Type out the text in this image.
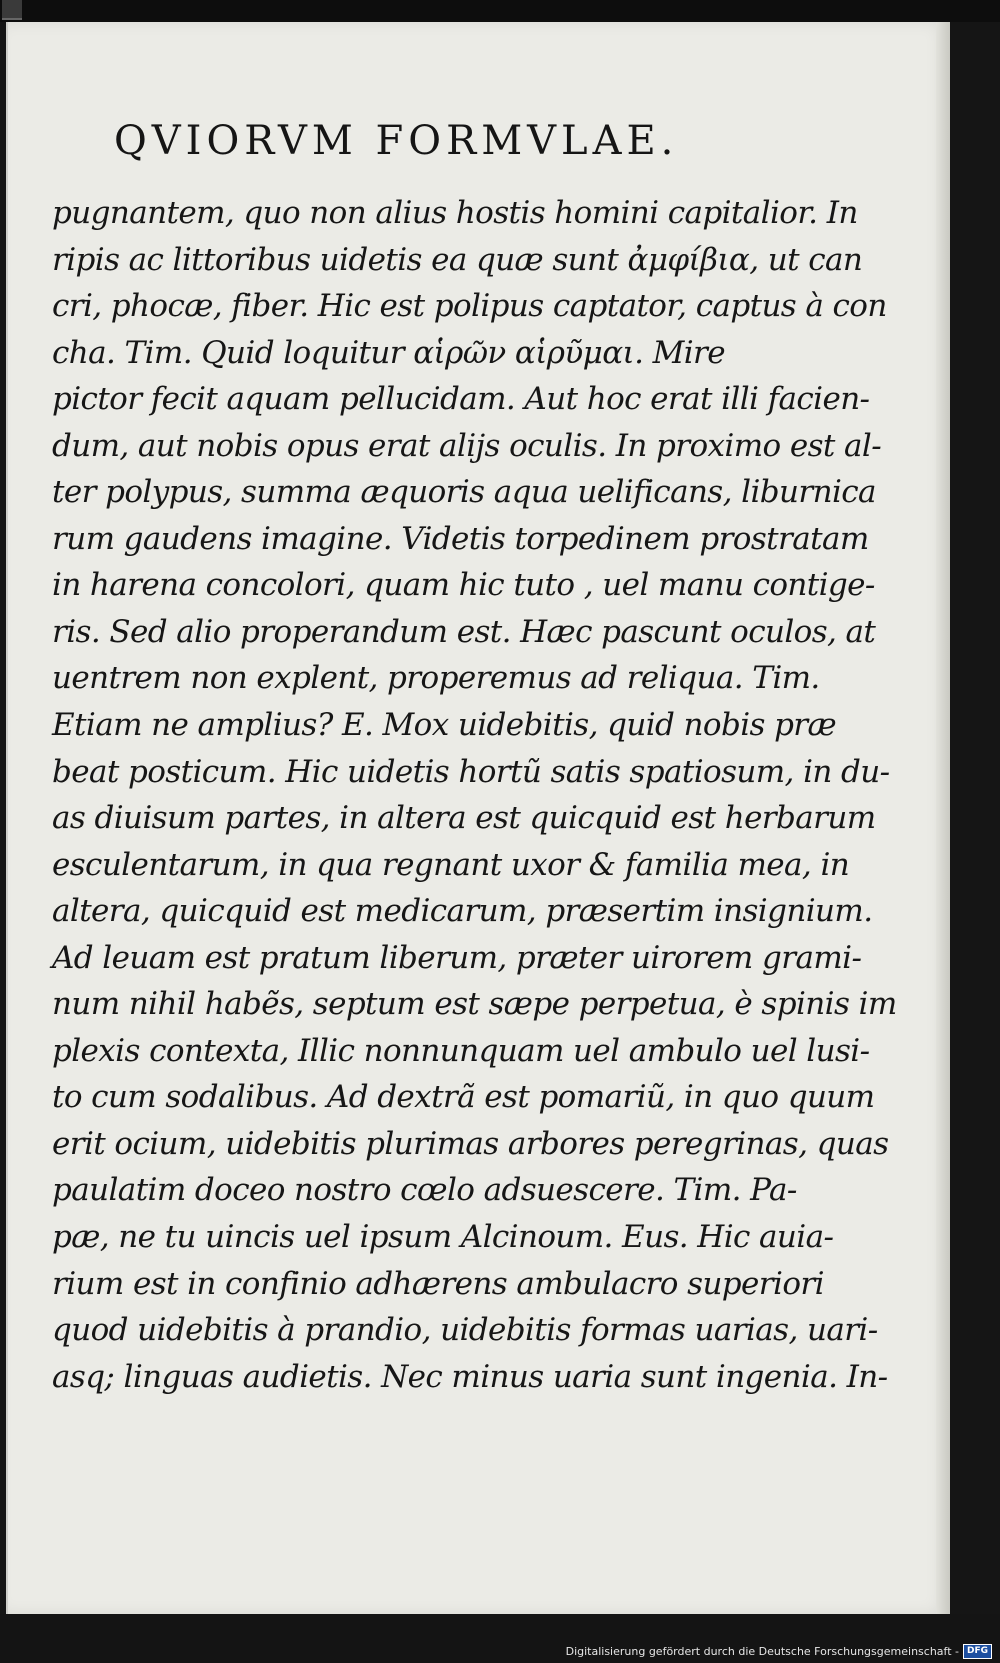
QVIORVM FORMVLAE.
pugnantem, quo non alius hostis homini capitalior. In
ripis ac littoribus uidetis ea quæ sunt ἀμφίβια, ut can
cri, phocæ, fiber. Hic est polipus captator, captus à con
cha. Tim. Quid loquitur αἱρῶν αἱρῦμαι. Mire
pictor fecit aquam pellucidam. Aut hoc erat illi facien-
dum, aut nobis opus erat alijs oculis. In proximo est al-
ter polypus, summa æquoris aqua uelificans, liburnica
rum gaudens imagine. Videtis torpedinem prostratam
in harena concolori, quam hic tuto , uel manu contige-
ris. Sed alio properandum est. Hæc pascunt oculos, at
uentrem non explent, properemus ad reliqua. Tim.
Etiam ne amplius? E. Mox uidebitis, quid nobis præ
beat posticum. Hic uidetis hortũ satis spatiosum, in du-
as diuisum partes, in altera est quicquid est herbarum
esculentarum, in qua regnant uxor & familia mea, in
altera, quicquid est medicarum, præsertim insignium.
Ad leuam est pratum liberum, præter uirorem grami-
num nihil habẽs, septum est sæpe perpetua, è spinis im
plexis contexta, Illic nonnunquam uel ambulo uel lusi-
to cum sodalibus. Ad dextrã est pomariũ, in quo quum
erit ocium, uidebitis plurimas arbores peregrinas, quas
paulatim doceo nostro cœlo adsuescere. Tim. Pa-
pæ, ne tu uincis uel ipsum Alcinoum. Eus. Hic auia-
rium est in confinio adhærens ambulacro superiori
quod uidebitis à prandio, uidebitis formas uarias, uari-
asq; linguas audietis. Nec minus uaria sunt ingenia. In-
Digitalisierung gefördert durch die Deutsche Forschungsgemeinschaft - DFG
